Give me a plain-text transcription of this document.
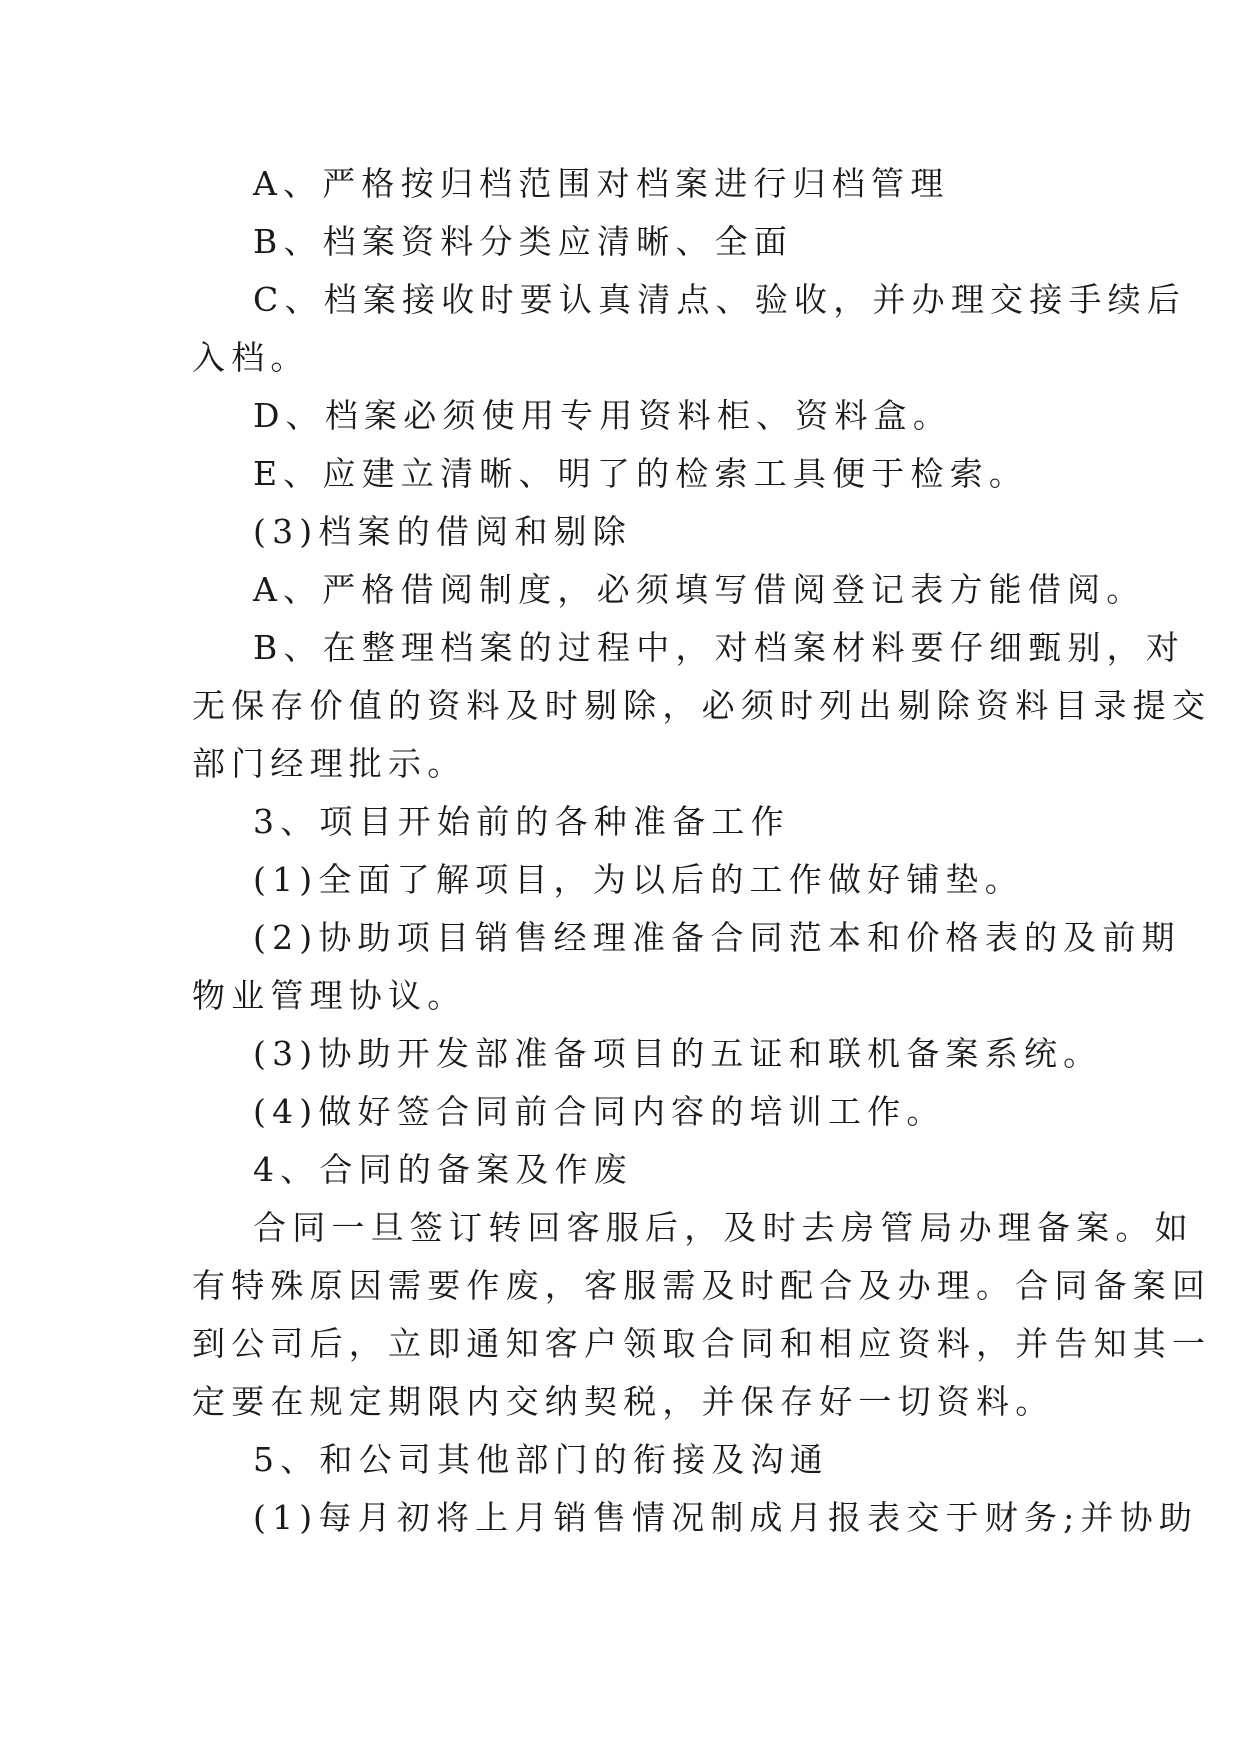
A、严格按归档范围对档案进行归档管理
B、档案资料分类应清晰、全面
C、档案接收时要认真清点、验收，并办理交接手续后
入档。
D、档案必须使用专用资料柜、资料盒。
E、应建立清晰、明了的检索工具便于检索。
(3)档案的借阅和剔除
A、严格借阅制度，必须填写借阅登记表方能借阅。
B、在整理档案的过程中，对档案材料要仔细甄别，对
无保存价值的资料及时剔除，必须时列出剔除资料目录提交
部门经理批示。
3、项目开始前的各种准备工作
(1)全面了解项目，为以后的工作做好铺垫。
(2)协助项目销售经理准备合同范本和价格表的及前期
物业管理协议。
(3)协助开发部准备项目的五证和联机备案系统。
(4)做好签合同前合同内容的培训工作。
4、合同的备案及作废
合同一旦签订转回客服后，及时去房管局办理备案。如
有特殊原因需要作废，客服需及时配合及办理。合同备案回
到公司后，立即通知客户领取合同和相应资料，并告知其一
定要在规定期限内交纳契税，并保存好一切资料。
5、和公司其他部门的衔接及沟通
(1)每月初将上月销售情况制成月报表交于财务;并协助
